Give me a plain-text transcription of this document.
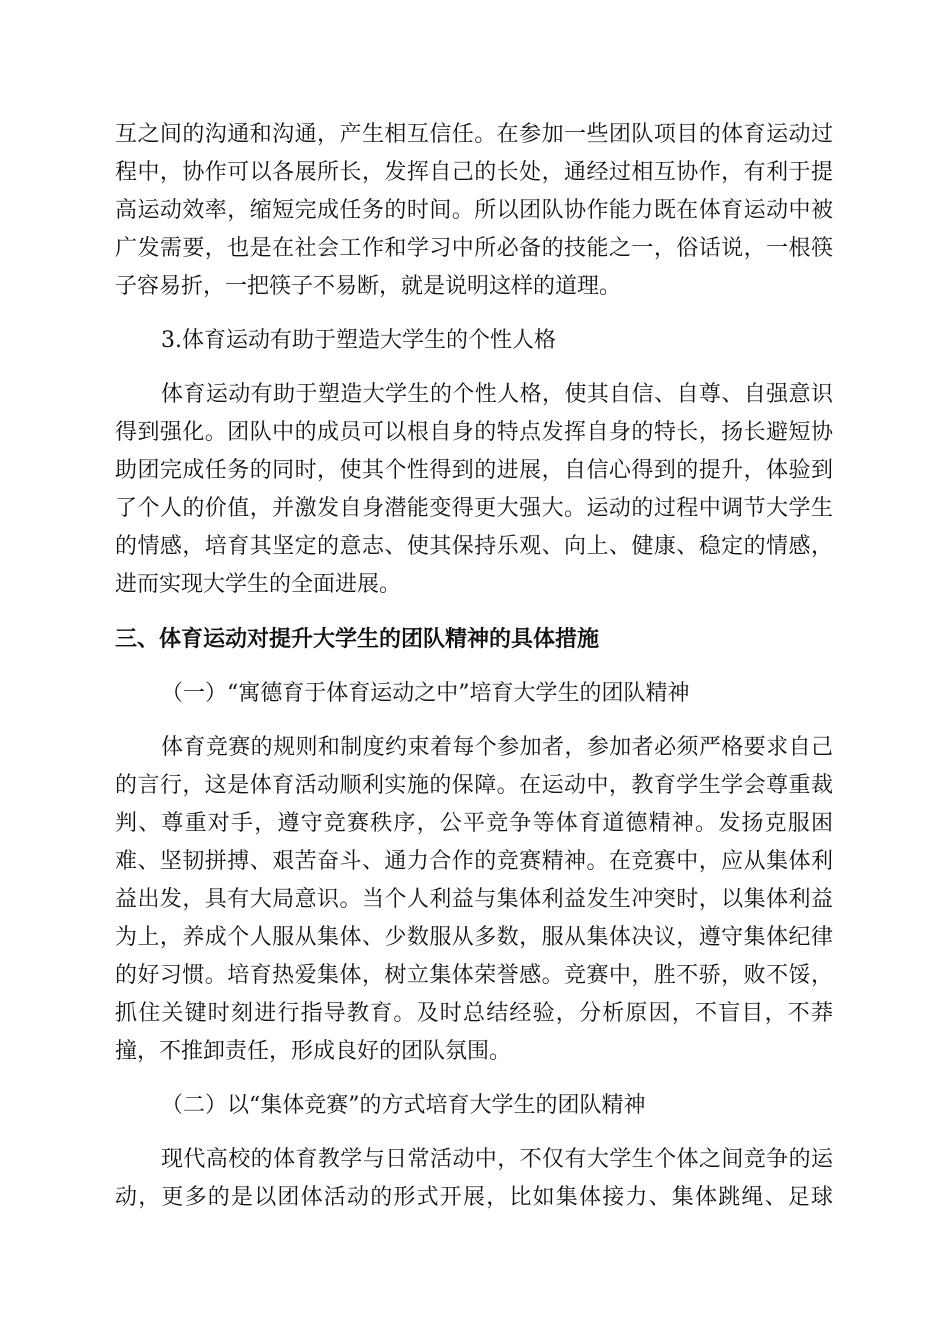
互之间的沟通和沟通，产生相互信任。在参加一些团队项目的体育运动过
程中，协作可以各展所长，发挥自己的长处，通经过相互协作，有利于提
高运动效率，缩短完成任务的时间。所以团队协作能力既在体育运动中被
广发需要，也是在社会工作和学习中所必备的技能之一，俗话说，一根筷
子容易折，一把筷子不易断，就是说明这样的道理。
3.体育运动有助于塑造大学生的个性人格
体育运动有助于塑造大学生的个性人格，使其自信、自尊、自强意识
得到强化。团队中的成员可以根自身的特点发挥自身的特长，扬长避短协
助团完成任务的同时，使其个性得到的进展，自信心得到的提升，体验到
了个人的价值，并激发自身潜能变得更大强大。运动的过程中调节大学生
的情感，培育其坚定的意志、使其保持乐观、向上、健康、稳定的情感，
进而实现大学生的全面进展。
三、体育运动对提升大学生的团队精神的具体措施
（一）“寓德育于体育运动之中”培育大学生的团队精神
体育竞赛的规则和制度约束着每个参加者，参加者必须严格要求自己
的言行，这是体育活动顺利实施的保障。在运动中，教育学生学会尊重裁
判、尊重对手，遵守竞赛秩序，公平竞争等体育道德精神。发扬克服困
难、坚韧拼搏、艰苦奋斗、通力合作的竞赛精神。在竞赛中，应从集体利
益出发，具有大局意识。当个人利益与集体利益发生冲突时，以集体利益
为上，养成个人服从集体、少数服从多数，服从集体决议，遵守集体纪律
的好习惯。培育热爱集体，树立集体荣誉感。竞赛中，胜不骄，败不馁，
抓住关键时刻进行指导教育。及时总结经验，分析原因，不盲目，不莽
撞，不推卸责任，形成良好的团队氛围。
（二）以“集体竞赛”的方式培育大学生的团队精神
现代高校的体育教学与日常活动中，不仅有大学生个体之间竞争的运
动，更多的是以团体活动的形式开展，比如集体接力、集体跳绳、足球
